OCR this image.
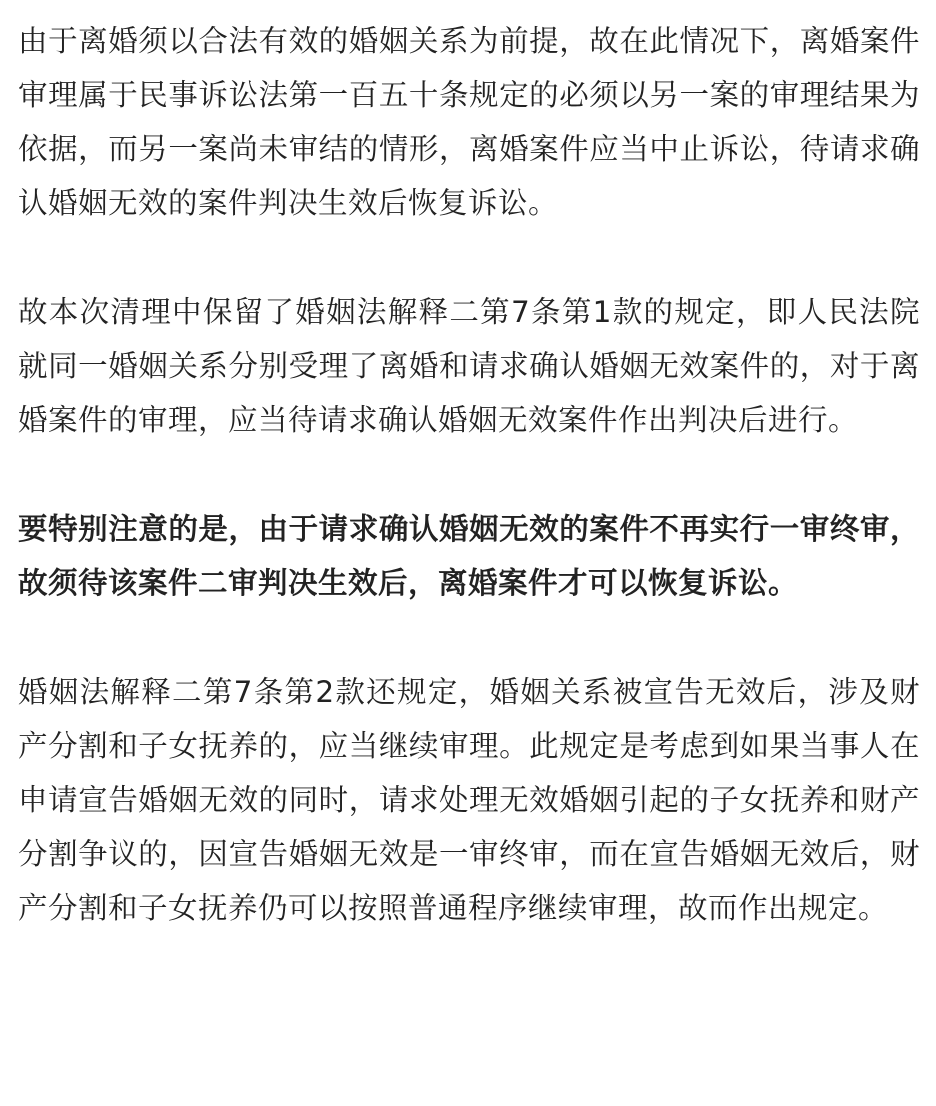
由于离婚须以合法有效的婚姻关系为前提，故在此情况下，离婚案件审理属于民事诉讼法第一百五十条规定的必须以另一案的审理结果为依据，而另一案尚未审结的情形，离婚案件应当中止诉讼，待请求确认婚姻无效的案件判决生效后恢复诉讼。

故本次清理中保留了婚姻法解释二第7条第1款的规定，即人民法院就同一婚姻关系分别受理了离婚和请求确认婚姻无效案件的，对于离婚案件的审理，应当待请求确认婚姻无效案件作出判决后进行。

要特别注意的是，由于请求确认婚姻无效的案件不再实行一审终审，故须待该案件二审判决生效后，离婚案件才可以恢复诉讼。

婚姻法解释二第7条第2款还规定，婚姻关系被宣告无效后，涉及财产分割和子女抚养的，应当继续审理。此规定是考虑到如果当事人在申请宣告婚姻无效的同时，请求处理无效婚姻引起的子女抚养和财产分割争议的，因宣告婚姻无效是一审终审，而在宣告婚姻无效后，财产分割和子女抚养仍可以按照普通程序继续审理，故而作出规定。
